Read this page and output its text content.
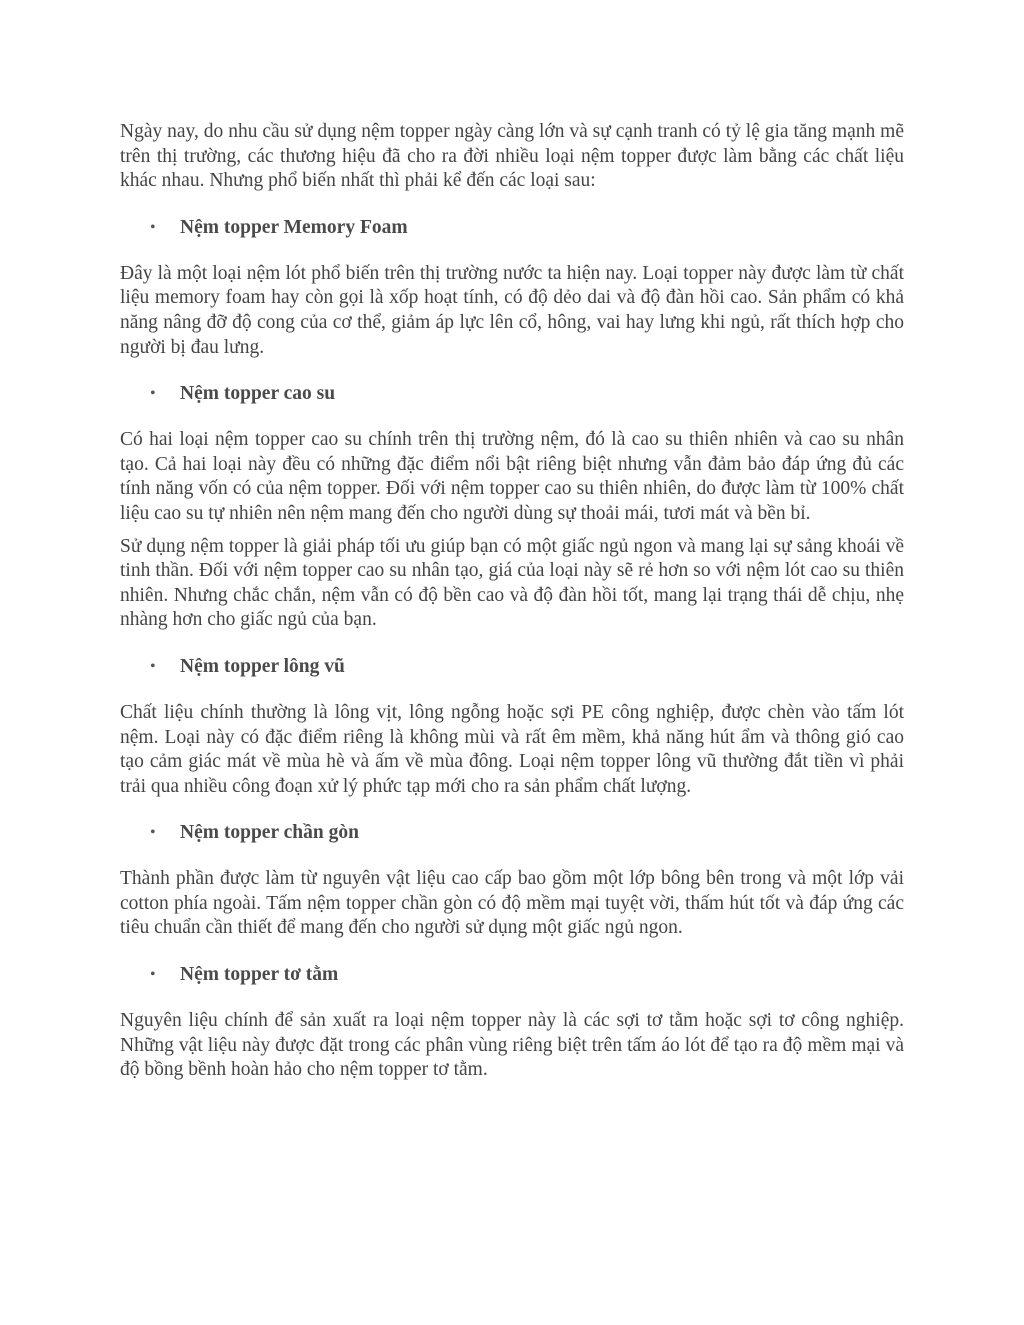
Ngày nay, do nhu cầu sử dụng nệm topper ngày càng lớn và sự cạnh tranh có tỷ lệ gia tăng mạnh mẽ trên thị trường, các thương hiệu đã cho ra đời nhiều loại nệm topper được làm bằng các chất liệu khác nhau. Nhưng phổ biến nhất thì phải kể đến các loại sau:

• Nệm topper Memory Foam

Đây là một loại nệm lót phổ biến trên thị trường nước ta hiện nay. Loại topper này được làm từ chất liệu memory foam hay còn gọi là xốp hoạt tính, có độ dẻo dai và độ đàn hồi cao. Sản phẩm có khả năng nâng đỡ độ cong của cơ thể, giảm áp lực lên cổ, hông, vai hay lưng khi ngủ, rất thích hợp cho người bị đau lưng.

• Nệm topper cao su

Có hai loại nệm topper cao su chính trên thị trường nệm, đó là cao su thiên nhiên và cao su nhân tạo. Cả hai loại này đều có những đặc điểm nổi bật riêng biệt nhưng vẫn đảm bảo đáp ứng đủ các tính năng vốn có của nệm topper. Đối với nệm topper cao su thiên nhiên, do được làm từ 100% chất liệu cao su tự nhiên nên nệm mang đến cho người dùng sự thoải mái, tươi mát và bền bỉ.

Sử dụng nệm topper là giải pháp tối ưu giúp bạn có một giấc ngủ ngon và mang lại sự sảng khoái về tinh thần. Đối với nệm topper cao su nhân tạo, giá của loại này sẽ rẻ hơn so với nệm lót cao su thiên nhiên. Nhưng chắc chắn, nệm vẫn có độ bền cao và độ đàn hồi tốt, mang lại trạng thái dễ chịu, nhẹ nhàng hơn cho giấc ngủ của bạn.

• Nệm topper lông vũ

Chất liệu chính thường là lông vịt, lông ngỗng hoặc sợi PE công nghiệp, được chèn vào tấm lót nệm. Loại này có đặc điểm riêng là không mùi và rất êm mềm, khả năng hút ẩm và thông gió cao tạo cảm giác mát về mùa hè và ấm về mùa đông. Loại nệm topper lông vũ thường đắt tiền vì phải trải qua nhiều công đoạn xử lý phức tạp mới cho ra sản phẩm chất lượng.

• Nệm topper chần gòn

Thành phần được làm từ nguyên vật liệu cao cấp bao gồm một lớp bông bên trong và một lớp vải cotton phía ngoài. Tấm nệm topper chần gòn có độ mềm mại tuyệt vời, thấm hút tốt và đáp ứng các tiêu chuẩn cần thiết để mang đến cho người sử dụng một giấc ngủ ngon.

• Nệm topper tơ tằm

Nguyên liệu chính để sản xuất ra loại nệm topper này là các sợi tơ tằm hoặc sợi tơ công nghiệp. Những vật liệu này được đặt trong các phân vùng riêng biệt trên tấm áo lót để tạo ra độ mềm mại và độ bồng bềnh hoàn hảo cho nệm topper tơ tằm.
